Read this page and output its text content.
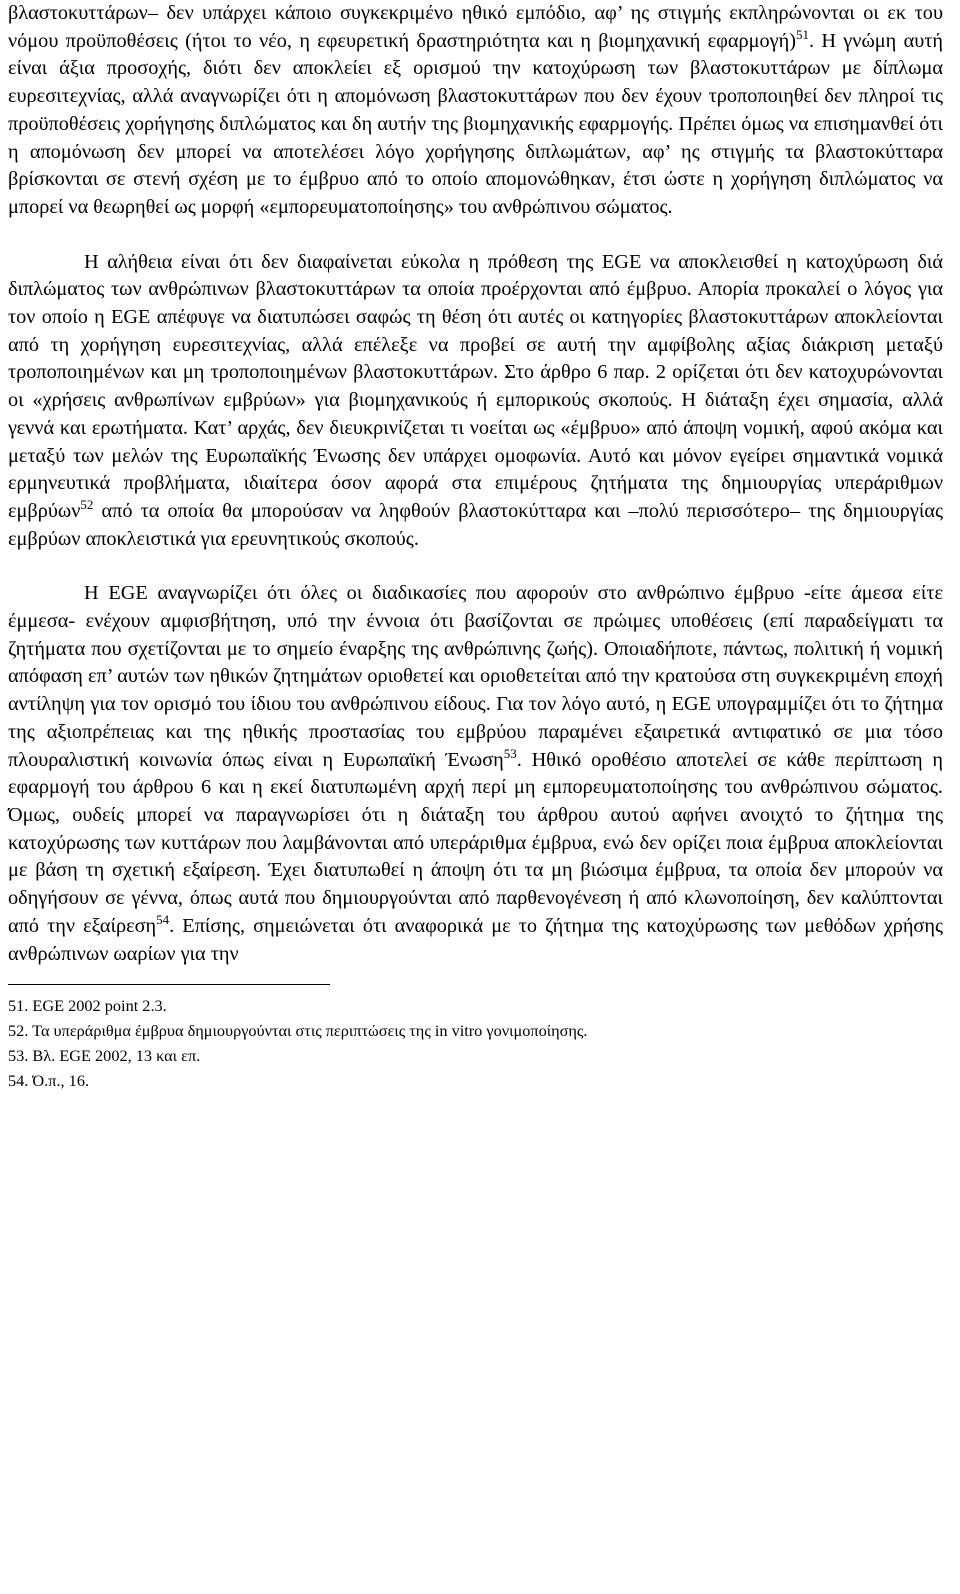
βλαστοκυττάρων– δεν υπάρχει κάποιο συγκεκριμένο ηθικό εμπόδιο, αφ’ ης στιγμής εκπληρώνονται οι εκ του νόμου προϋποθέσεις (ήτοι το νέο, η εφευρετική δραστηριότητα και η βιομηχανική εφαρμογή)$^{51}$. Η γνώμη αυτή είναι άξια προσοχής, διότι δεν αποκλείει εξ ορισμού την κατοχύρωση των βλαστοκυττάρων με δίπλωμα ευρεσιτεχνίας, αλλά αναγνωρίζει ότι η απομόνωση βλαστοκυττάρων που δεν έχουν τροποποιηθεί δεν πληροί τις προϋποθέσεις χορήγησης διπλώματος και δη αυτήν της βιομηχανικής εφαρμογής. Πρέπει όμως να επισημανθεί ότι η απομόνωση δεν μπορεί να αποτελέσει λόγο χορήγησης διπλωμάτων, αφ’ ης στιγμής τα βλαστοκύτταρα βρίσκονται σε στενή σχέση με το έμβρυο από το οποίο απομονώθηκαν, έτσι ώστε η χορήγηση διπλώματος να μπορεί να θεωρηθεί ως μορφή «εμπορευματοποίησης» του ανθρώπινου σώματος.

Η αλήθεια είναι ότι δεν διαφαίνεται εύκολα η πρόθεση της EGE να αποκλεισθεί η κατοχύρωση διά διπλώματος των ανθρώπινων βλαστοκυττάρων τα οποία προέρχονται από έμβρυο. Απορία προκαλεί ο λόγος για τον οποίο η EGE απέφυγε να διατυπώσει σαφώς τη θέση ότι αυτές οι κατηγορίες βλαστοκυττάρων αποκλείονται από τη χορήγηση ευρεσιτεχνίας, αλλά επέλεξε να προβεί σε αυτή την αμφίβολης αξίας διάκριση μεταξύ τροποποιημένων και μη τροποποιημένων βλαστοκυττάρων. Στο άρθρο 6 παρ. 2 ορίζεται ότι δεν κατοχυρώνονται οι «χρήσεις ανθρωπίνων εμβρύων» για βιομηχανικούς ή εμπορικούς σκοπούς. Η διάταξη έχει σημασία, αλλά γεννά και ερωτήματα. Κατ’ αρχάς, δεν διευκρινίζεται τι νοείται ως «έμβρυο» από άποψη νομική, αφού ακόμα και μεταξύ των μελών της Ευρωπαϊκής Ένωσης δεν υπάρχει ομοφωνία. Αυτό και μόνον εγείρει σημαντικά νομικά ερμηνευτικά προβλήματα, ιδιαίτερα όσον αφορά στα επιμέρους ζητήματα της δημιουργίας υπεράριθμων εμβρύων$^{52}$ από τα οποία θα μπορούσαν να ληφθούν βλαστοκύτταρα και –πολύ περισσότερο– της δημιουργίας εμβρύων αποκλειστικά για ερευνητικούς σκοπούς.

Η EGE αναγνωρίζει ότι όλες οι διαδικασίες που αφορούν στο ανθρώπινο έμβρυο -είτε άμεσα είτε έμμεσα- ενέχουν αμφισβήτηση, υπό την έννοια ότι βασίζονται σε πρώιμες υποθέσεις (επί παραδείγματι τα ζητήματα που σχετίζονται με το σημείο έναρξης της ανθρώπινης ζωής). Οποιαδήποτε, πάντως, πολιτική ή νομική απόφαση επ’ αυτών των ηθικών ζητημάτων οριοθετεί και οριοθετείται από την κρατούσα στη συγκεκριμένη εποχή αντίληψη για τον ορισμό του ίδιου του ανθρώπινου είδους. Για τον λόγο αυτό, η EGE υπογραμμίζει ότι το ζήτημα της αξιοπρέπειας και της ηθικής προστασίας του εμβρύου παραμένει εξαιρετικά αντιφατικό σε μια τόσο πλουραλιστική κοινωνία όπως είναι η Ευρωπαϊκή Ένωση$^{53}$. Ηθικό οροθέσιο αποτελεί σε κάθε περίπτωση η εφαρμογή του άρθρου 6 και η εκεί διατυπωμένη αρχή περί μη εμπορευματοποίησης του ανθρώπινου σώματος. Όμως, ουδείς μπορεί να παραγνωρίσει ότι η διάταξη του άρθρου αυτού αφήνει ανοιχτό το ζήτημα της κατοχύρωσης των κυττάρων που λαμβάνονται από υπεράριθμα έμβρυα, ενώ δεν ορίζει ποια έμβρυα αποκλείονται με βάση τη σχετική εξαίρεση. Έχει διατυπωθεί η άποψη ότι τα μη βιώσιμα έμβρυα, τα οποία δεν μπορούν να οδηγήσουν σε γέννα, όπως αυτά που δημιουργούνται από παρθενογένεση ή από κλωνοποίηση, δεν καλύπτονται από την εξαίρεση$^{54}$. Επίσης, σημειώνεται ότι αναφορικά με το ζήτημα της κατοχύρωσης των μεθόδων χρήσης ανθρώπινων ωαρίων για την

51. EGE 2002 point 2.3.

52. Τα υπεράριθμα έμβρυα δημιουργούνται στις περιπτώσεις της in vitro γονιμοποίησης.

53. Βλ. EGE 2002, 13 και επ.

54. Ό.π., 16.
